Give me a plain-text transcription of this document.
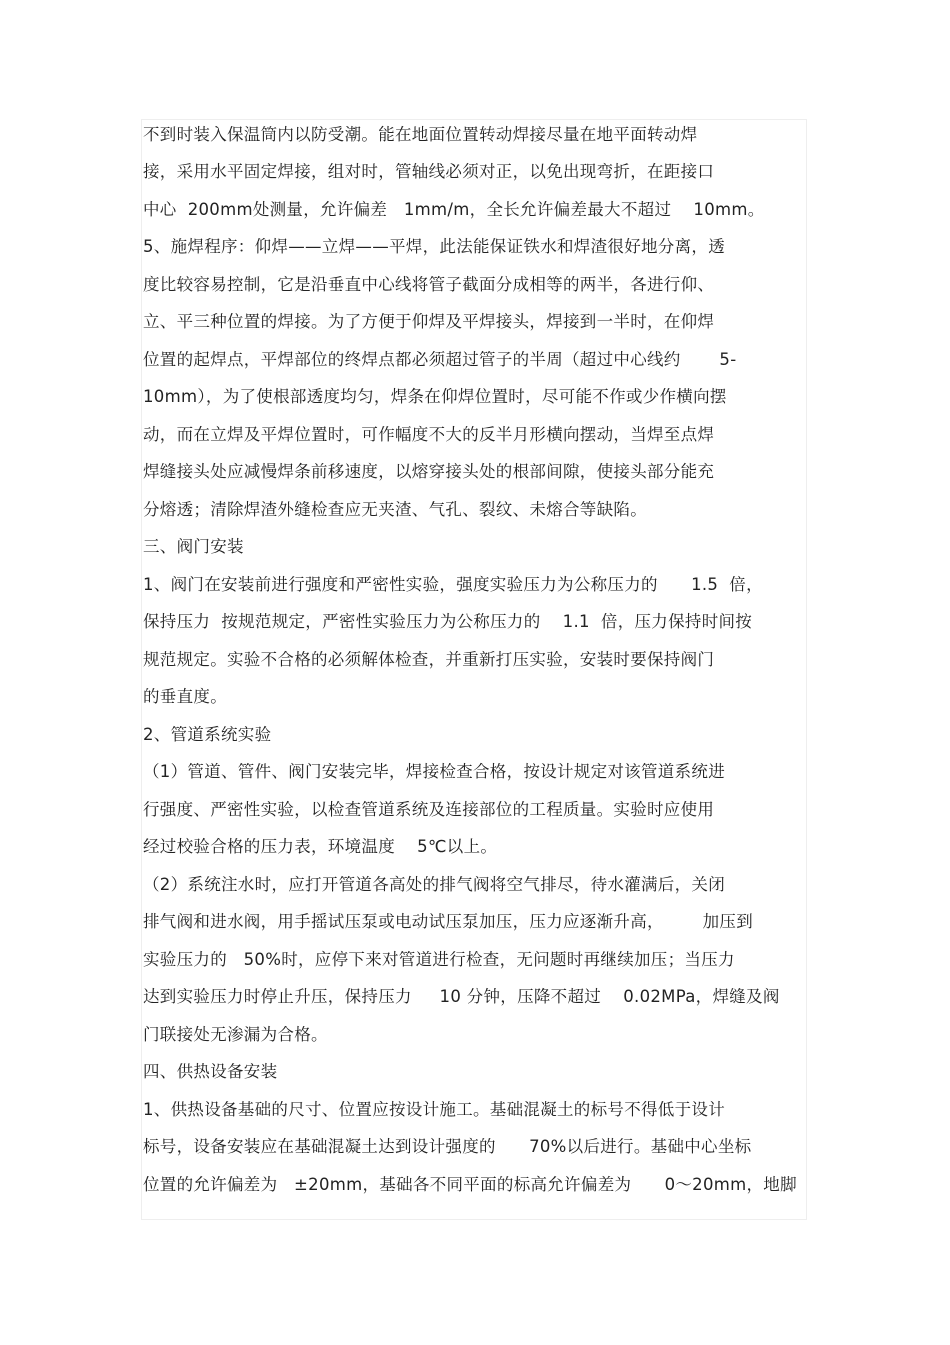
不到时装入保温筒内以防受潮。能在地面位置转动焊接尽量在地平面转动焊
接，采用水平固定焊接，组对时，管轴线必须对正，以免出现弯折，在距接口
中心  200mm处测量，允许偏差   1mm/m，全长允许偏差最大不超过    10mm。
5、施焊程序：仰焊——立焊——平焊，此法能保证铁水和焊渣很好地分离，透
度比较容易控制，它是沿垂直中心线将管子截面分成相等的两半，各进行仰、
立、平三种位置的焊接。为了方便于仰焊及平焊接头，焊接到一半时，在仰焊
位置的起焊点，平焊部位的终焊点都必须超过管子的半周（超过中心线约       5-
10mm），为了使根部透度均匀，焊条在仰焊位置时，尽可能不作或少作横向摆
动，而在立焊及平焊位置时，可作幅度不大的反半月形横向摆动，当焊至点焊
焊缝接头处应减慢焊条前移速度，以熔穿接头处的根部间隙，使接头部分能充
分熔透；清除焊渣外缝检查应无夹渣、气孔、裂纹、未熔合等缺陷。
三、阀门安装
1、阀门在安装前进行强度和严密性实验，强度实验压力为公称压力的      1.5  倍，
保持压力  按规范规定，严密性实验压力为公称压力的    1.1  倍，压力保持时间按
规范规定。实验不合格的必须解体检查，并重新打压实验，安装时要保持阀门
的垂直度。
2、管道系统实验
（1）管道、管件、阀门安装完毕，焊接检查合格，按设计规定对该管道系统进
行强度、严密性实验，以检查管道系统及连接部位的工程质量。实验时应使用
经过校验合格的压力表，环境温度    5℃以上。
（2）系统注水时，应打开管道各高处的排气阀将空气排尽，待水灌满后，关闭
排气阀和进水阀，用手摇试压泵或电动试压泵加压，压力应逐渐升高，       加压到
实验压力的   50%时，应停下来对管道进行检查，无问题时再继续加压；当压力
达到实验压力时停止升压，保持压力     10 分钟，压降不超过    0.02MPa，焊缝及阀
门联接处无渗漏为合格。
四、供热设备安装
1、供热设备基础的尺寸、位置应按设计施工。基础混凝土的标号不得低于设计
标号，设备安装应在基础混凝土达到设计强度的      70%以后进行。基础中心坐标
位置的允许偏差为   ±20mm，基础各不同平面的标高允许偏差为      0～20mm，地脚
